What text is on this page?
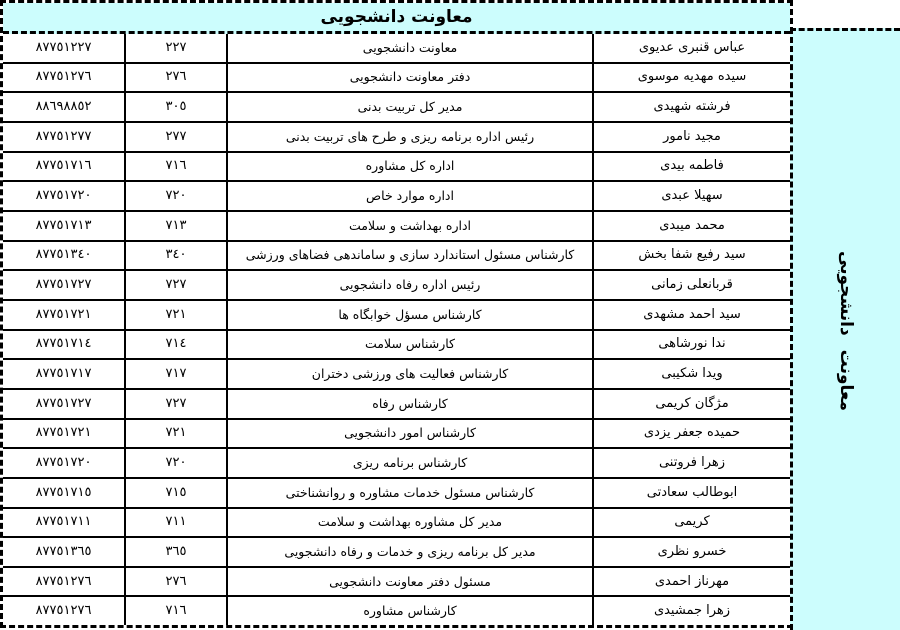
معاونت دانشجویی
عباس قنبری عدیوی
معاونت دانشجویی
٢٢٧
٨٧٧٥١٢٢٧
سیده مهدیه موسوی
دفتر معاونت دانشجویی
٢٧٦
٨٧٧٥١٢٧٦
فرشته شهیدی
مدیر کل تربیت بدنی
٣٠٥
٨٨٦٩٨٨٥٢
مجید نامور
رئیس اداره برنامه ریزی و طرح های تربیت بدنی
٢٧٧
٨٧٧٥١٢٧٧
فاطمه بیدی
اداره کل مشاوره
٧١٦
٨٧٧٥١٧١٦
سهیلا عبدی
اداره موارد خاص
٧٢٠
٨٧٧٥١٧٢٠
محمد میبدی
اداره بهداشت و سلامت
٧١٣
٨٧٧٥١٧١٣
سید رفیع شفا بخش
کارشناس مسئول استاندارد سازی و ساماندهی فضاهای ورزشی
٣٤٠
٨٧٧٥١٣٤٠
قربانعلی زمانی
رئیس اداره رفاه دانشجویی
٧٢٧
٨٧٧٥١٧٢٧
سید احمد مشهدی
کارشناس مسؤل خوابگاه ها
٧٢١
٨٧٧٥١٧٢١
ندا نورشاهی
کارشناس سلامت
٧١٤
٨٧٧٥١٧١٤
ویدا شکیبی
کارشناس فعالیت های ورزشی دختران
٧١٧
٨٧٧٥١٧١٧
مژگان کریمی
کارشناس رفاه
٧٢٧
٨٧٧٥١٧٢٧
حمیده جعفر یزدی
کارشناس امور دانشجویی
٧٢١
٨٧٧٥١٧٢١
زهرا فروتنی
کارشناس برنامه ریزی
٧٢٠
٨٧٧٥١٧٢٠
ابوطالب سعادتی
کارشناس مسئول خدمات مشاوره و روانشناختی
٧١٥
٨٧٧٥١٧١٥
کریمی
مدیر کل مشاوره بهداشت و سلامت
٧١١
٨٧٧٥١٧١١
خسرو نظری
مدیر کل برنامه ریزی و خدمات و رفاه دانشجویی
٣٦٥
٨٧٧٥١٣٦٥
مهرناز احمدی
مسئول دفتر معاونت دانشجویی
٢٧٦
٨٧٧٥١٢٧٦
زهرا جمشیدی
کارشناس مشاوره
٧١٦
٨٧٧٥١٢٧٦
معاونت دانشجویی
